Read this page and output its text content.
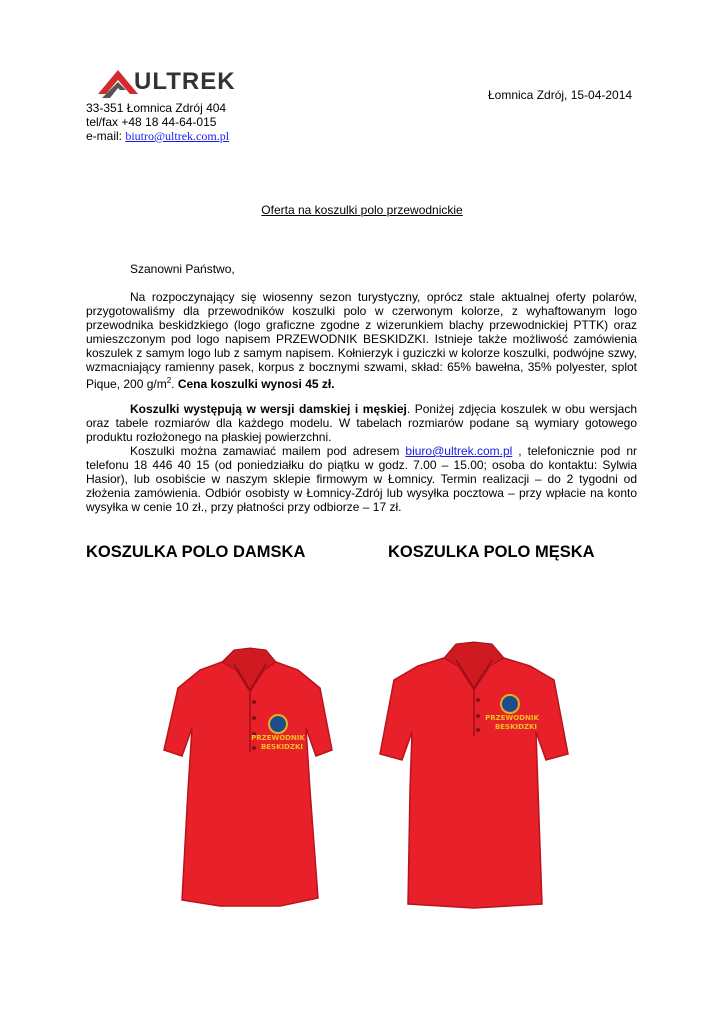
ULTREK	Łomnica Zdrój, 15-04-2014
33-351 Łomnica Zdrój 404
tel/fax +48 18 44-64-015
e-mail: biutro@ultrek.com.pl
Oferta na koszulki polo przewodnickie
Szanowni Państwo,
Na rozpoczynający się wiosenny sezon turystyczny, oprócz stale aktualnej oferty polarów, przygotowaliśmy dla przewodników koszulki polo w czerwonym kolorze, z wyhaftowanym logo przewodnika beskidzkiego (logo graficzne zgodne z wizerunkiem blachy przewodnickiej PTTK) oraz umieszczonym pod logo napisem PRZEWODNIK BESKIDZKI. Istnieje także możliwość zamówienia koszulek z samym logo lub z samym napisem. Kołnierzyk i guziczki w kolorze koszulki, podwójne szwy, wzmacniający ramienny pasek, korpus z bocznymi szwami, skład: 65% bawełna, 35% polyester, splot Pique, 200 $g/m^2$. Cena koszulki wynosi 45 zł.
Koszulki występują w wersji damskiej i męskiej. Poniżej zdjęcia koszulek w obu wersjach oraz tabele rozmiarów dla każdego modelu. W tabelach rozmiarów podane są wymiary gotowego produktu rozłożonego na płaskiej powierzchni.
Koszulki można zamawiać mailem pod adresem biuro@ultrek.com.pl , telefonicznie pod nr telefonu 18 446 40 15 (od poniedziałku do piątku w godz. 7.00 – 15.00; osoba do kontaktu: Sylwia Hasior), lub osobiście w naszym sklepie firmowym w Łomnicy. Termin realizacji – do 2 tygodni od złożenia zamówienia. Odbiór osobisty w Łomnicy-Zdrój lub wysyłka pocztowa – przy wpłacie na konto wysyłka w cenie 10 zł., przy płatności przy odbiorze – 17 zł.
KOSZULKA POLO DAMSKA	KOSZULKA POLO MĘSKA
PRZEWODNIK
BESKIDZKI
PRZEWODNIK
BESKIDZKI
